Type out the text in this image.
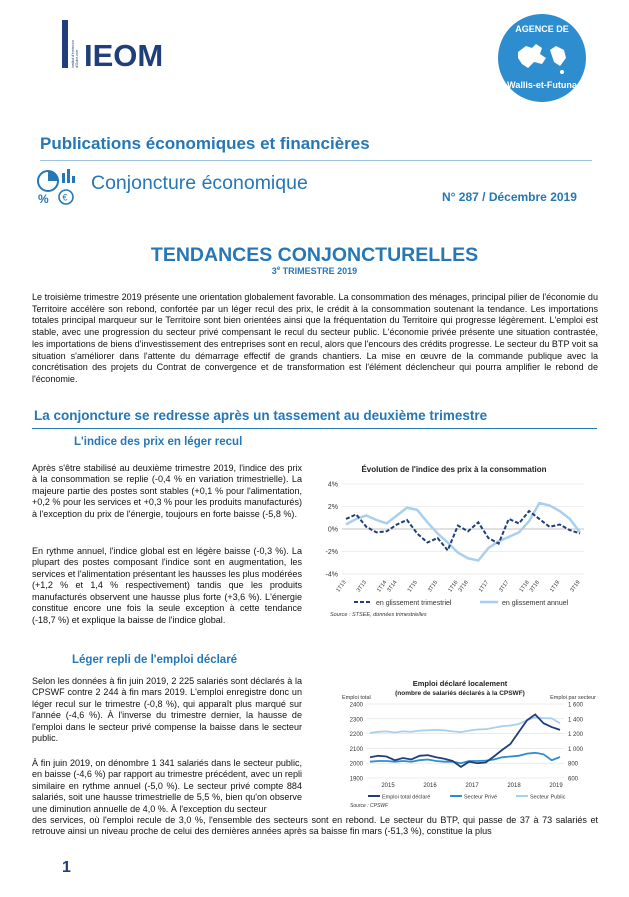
Institut d'émission d'Outre-mer IEOM
AGENCE DE
Wallis-et-Futuna
Publications économiques et financières
% €
Conjoncture économique
N° 287 / Décembre 2019
TENDANCES CONJONCTURELLES
3e TRIMESTRE 2019
Le troisième trimestre 2019 présente une orientation globalement favorable. La consommation des ménages, principal pilier de l'économie du Territoire accélère son rebond, confortée par un léger recul des prix, le crédit à la consommation soutenant la tendance. Les importations totales principal marqueur sur le Territoire sont bien orientées ainsi que la fréquentation du Territoire qui progresse légèrement. L'emploi est stable, avec une progression du secteur privé compensant le recul du secteur public. L'économie privée présente une situation contrastée, les importations de biens d'investissement des entreprises sont en recul, alors que l'encours des crédits progresse. Le secteur du BTP voit sa situation s'améliorer dans l'attente du démarrage effectif de grands chantiers. La mise en œuvre de la commande publique avec la concrétisation des projets du Contrat de convergence et de transformation est l'élément déclencheur qui pourra amplifier le rebond de l'économie.
La conjoncture se redresse après un tassement au deuxième trimestre
L'indice des prix en léger recul
Après s'être stabilisé au deuxième trimestre 2019, l'indice des prix à la consommation se replie (-0,4 % en variation trimestrielle). La majeure partie des postes sont stables (+0,1 % pour l'alimentation, +0,2 % pour les services et +0,3 % pour les produits manufacturés) à l'exception du prix de l'énergie, toujours en forte baisse (-5,8 %).
En rythme annuel, l'indice global est en légère baisse (-0,3 %). La plupart des postes composant l'indice sont en augmentation, les services et l'alimentation présentant les hausses les plus modérées (+1,2 % et 1,4 % respectivement) tandis que les produits manufacturés observent une hausse plus forte (+3,6 %). L'énergie constitue encore une fois la seule exception à cette tendance (-18,7 %) et explique la baisse de l'indice global.
Léger repli de l'emploi déclaré
Selon les données à fin juin 2019, 2 225 salariés sont déclarés à la CPSWF contre 2 244 à fin mars 2019. L'emploi enregistre donc un léger recul sur le trimestre (-0,8 %), qui apparaît plus marqué sur l'année (-4,6 %). À l'inverse du trimestre dernier, la hausse de l'emploi dans le secteur privé compense la baisse dans le secteur public.
À fin juin 2019, on dénombre 1 341 salariés dans le secteur public, en baisse (-4,6 %) par rapport au trimestre précédent, avec un repli similaire en rythme annuel (-5,0 %). Le secteur privé compte 884 salariés, soit une hausse trimestrielle de 5,5 %, bien qu'on observe une diminution annuelle de 4,0 %. À l'exception du secteur
des services, où l'emploi recule de 3,0 %, l'ensemble des secteurs sont en rebond. Le secteur du BTP, qui passe de 37 à 73 salariés et retrouve ainsi un niveau proche de celui des dernières années après sa baisse fin mars (-51,3 %), constitue la plus
Évolution de l'indice des prix à la consommation
4%
2%
0%
-2%
-4%
1T13 3T13 1T14
3T14 1T15 3T15 1T16
3T16 1T17 3T17 1T18
3T18 1T19 3T19
en glissement trimestriel	en glissement annuel
Source : STSEE, données trimestrielles
Emploi déclaré localement
(nombre de salariés déclarés à la CPSWF)
Emploi total	Emploi par secteur
2400
2300
2200
2100
2000
1900
1 600
1 400
1 200
1 000
800
600
2015	2016	2017	2018	2019
Emploi total déclaré	Secteur Privé	Secteur Public
Source : CPSWF
1
